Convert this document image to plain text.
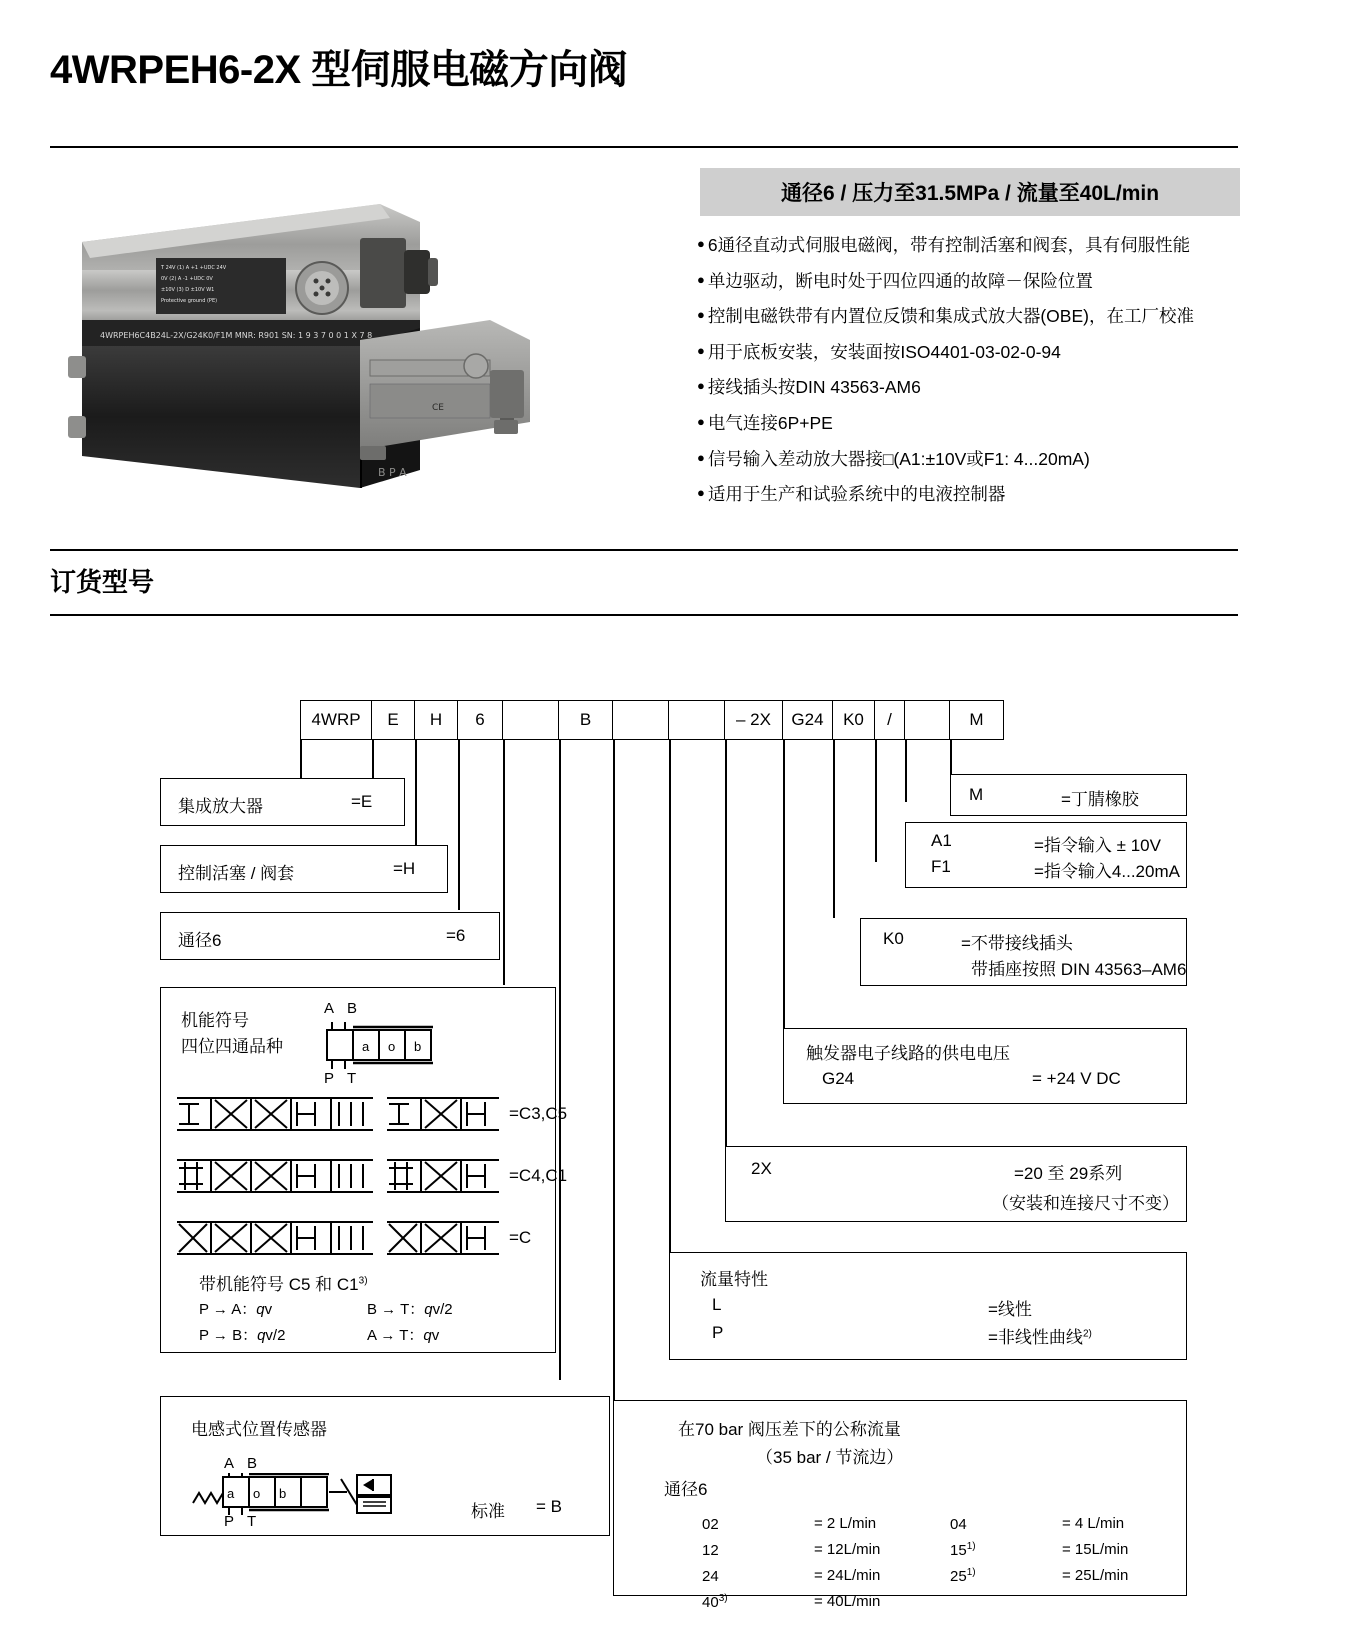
4WRPEH6-2X 型伺服电磁方向阀
T 24V (1) A +1 +UDC 24V
0V (2) A -1 +UDC 0V
±10V (3) D ±10V W1
Protective ground (PE)
4WRPEH6C4B24L-2X/G24K0/F1M MNR: R901 SN: 1 9 3 7 0 0 1 X 7 8
CE
B P A
通径6 / 压力至31.5MPa / 流量至40L/min
● 6通径直动式伺服电磁阀，带有控制活塞和阀套，具有伺服性能
● 单边驱动，断电时处于四位四通的故障－保险位置
● 控制电磁铁带有内置位反馈和集成式放大器(OBE)，在工厂校准
● 用于底板安装，安装面按ISO4401-03-02-0-94
● 接线插头按DIN 43563-AM6
● 电气连接6P+PE
● 信号输入差动放大器接□(A1:±10V或F1: 4...20mA)
● 适用于生产和试验系统中的电液控制器
订货型号
4WRP	E	H	6	B	– 2X	G24	K0	/	M
集成放大器	=E
控制活塞 / 阀套	=H
通径6	=6
机能符号
四位四通品种
A B
P T
a o b
=C3,C5
=C4,C1
=C
带机能符号 C5 和 C1$^{3)}$
P → A：qv	B → T：qv/2
P → B：qv/2	A → T：qv
电感式位置传感器
A B
P T
a o b
标准 = B
M	=丁腈橡胶
A1	=指令输入 ± 10V
F1	=指令输入4...20mA
K0	=不带接线插头
带插座按照 DIN 43563–AM6
触发器电子线路的供电电压
G24	= +24 V DC
2X	=20 至 29系列
（安装和连接尺寸不变）
流量特性
L	=线性
P	=非线性曲线$^{2)}$
在70 bar 阀压差下的公称流量
（35 bar / 节流边）
通径6
02	= 2 L/min	04	= 4 L/min
12	= 12L/min	$15^{1)}$	= 15L/min
24	= 24L/min	$25^{1)}$	= 25L/min
$40^{3)}$	= 40L/min
